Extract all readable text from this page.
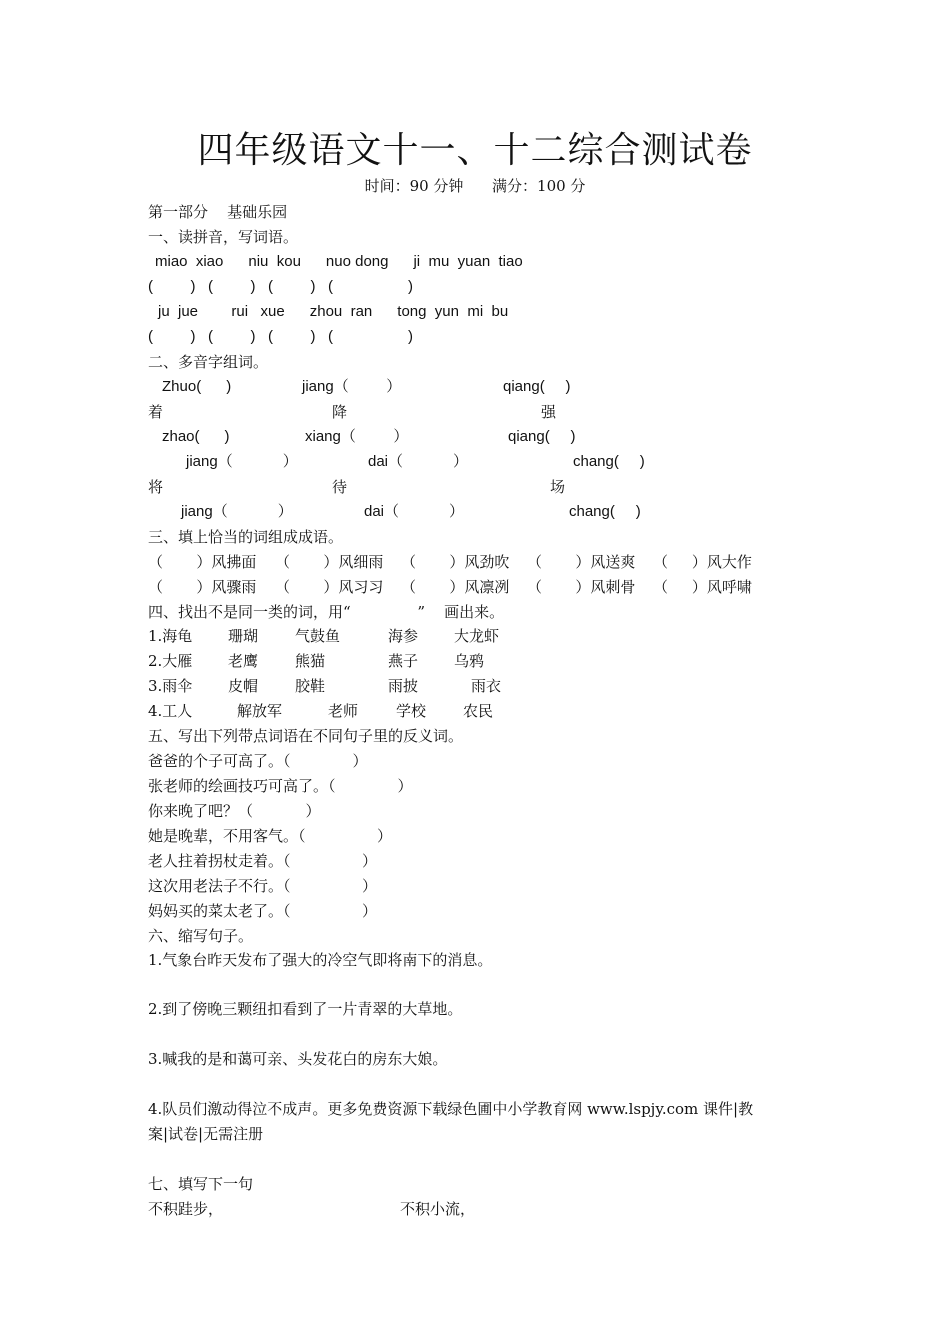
四年级语文十一、十二综合测试卷
时间：90 分钟      满分：100 分
第一部分    基础乐园
一、读拼音，写词语。
miao  xiao      niu  kou      nuo dong      ji  mu  yuan  tiao
(         )   (         )   (         )   (                  )
ju  jue        rui   xue      zhou  ran      tong  yun  mi  bu
(         )   (         )   (         )   (                  )
二、多音字组词。
Zhuo(      )	jiang（         ）	qiang(     )
着	降	强
zhao(      )	xiang（         ）	qiang(     )
jiang（            ）	dai（            ）	chang(     )
将	待	场
jiang（            ）	dai（            ）	chang(     )
三、填上恰当的词组成成语。
（       ）风拂面 （       ）风细雨 （       ）风劲吹 （       ）风送爽 （     ）风大作
（       ）风骤雨 （       ）风习习 （       ）风凛冽 （       ）风刺骨 （     ）风呼啸
四、找出不是同一类的词，用“              ”    画出来。
1.海龟 珊瑚 气鼓鱼	海参 大龙虾
2.大雁 老鹰 熊猫	燕子 乌鸦
3.雨伞 皮帽 胶鞋	雨披	雨衣
4.工人	解放军	老师	学校 农民
五、写出下列带点词语在不同句子里的反义词。
爸爸的个子可高了。（             ）
张老师的绘画技巧可高了。（             ）
你来晚了吧？（           ）
她是晚辈，不用客气。（               ）
老人拄着拐杖走着。（               ）
这次用老法子不行。（               ）
妈妈买的菜太老了。（               ）
六、缩写句子。
1.气象台昨天发布了强大的冷空气即将南下的消息。
2.到了傍晚三颗纽扣看到了一片青翠的大草地。
3.喊我的是和蔼可亲、头发花白的房东大娘。
4.队员们激动得泣不成声。更多免费资源下载绿色圃中小学教育网 www.lspjy.com 课件|教
案|试卷|无需注册
七、填写下一句
不积跬步，	不积小流，
